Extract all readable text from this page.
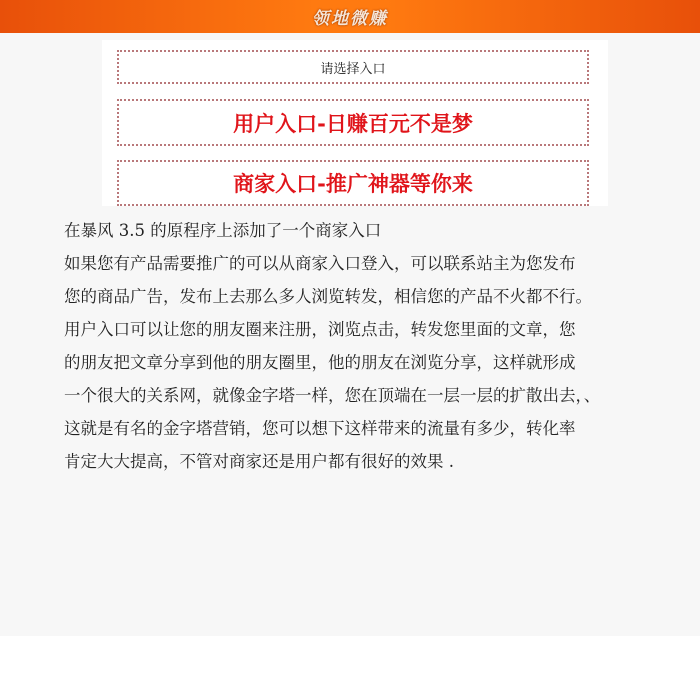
领地微赚
请选择入口
用户入口-日赚百元不是梦
商家入口-推广神器等你来
在暴风 3.5 的原程序上添加了一个商家入口
如果您有产品需要推广的可以从商家入口登入，可以联系站主为您发布
您的商品广告，发布上去那么多人浏览转发，相信您的产品不火都不行。
用户入口可以让您的朋友圈来注册，浏览点击，转发您里面的文章，您
的朋友把文章分享到他的朋友圈里，他的朋友在浏览分享，这样就形成
一个很大的关系网，就像金字塔一样，您在顶端在一层一层的扩散出去，、
这就是有名的金字塔营销，您可以想下这样带来的流量有多少，转化率
肯定大大提高，不管对商家还是用户都有很好的效果 .
